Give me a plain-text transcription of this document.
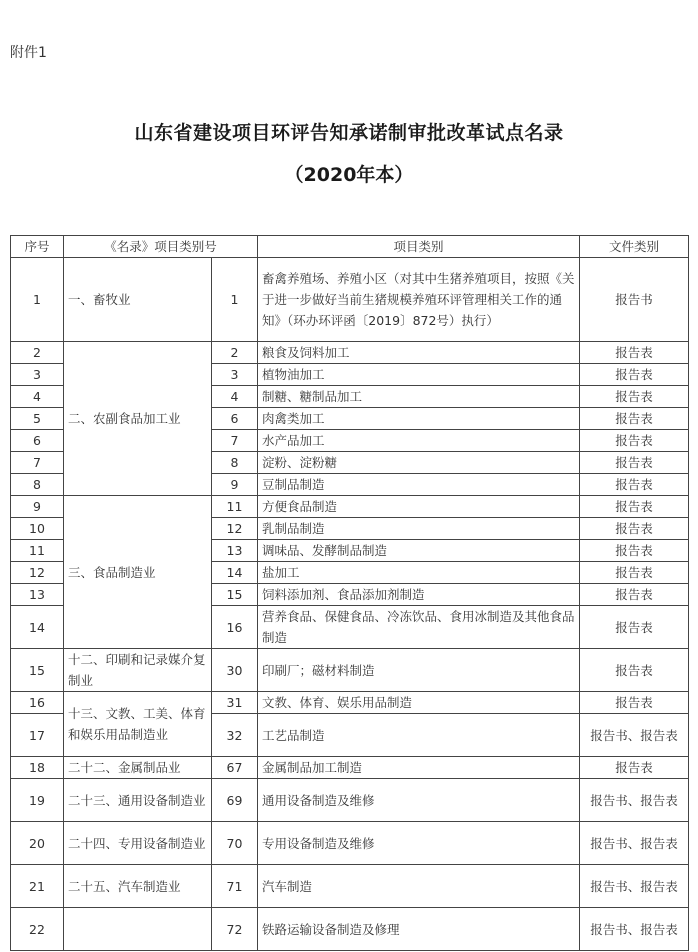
附件1
山东省建设项目环评告知承诺制审批改革试点名录
（2020年本）
序号	《名录》项目类别号		项目类别	文件类别
1	一、畜牧业	1	畜禽养殖场、养殖小区（对其中生猪养殖项目，按照《关于进一步做好当前生猪规模养殖环评管理相关工作的通知》（环办环评函〔2019〕872号）执行）	报告书
2	二、农副食品加工业	2	粮食及饲料加工	报告表
3		3	植物油加工	报告表
4		4	制糖、糖制品加工	报告表
5		6	肉禽类加工	报告表
6		7	水产品加工	报告表
7		8	淀粉、淀粉糖	报告表
8		9	豆制品制造	报告表
9	三、食品制造业	11	方便食品制造	报告表
10		12	乳制品制造	报告表
11		13	调味品、发酵制品制造	报告表
12		14	盐加工	报告表
13		15	饲料添加剂、食品添加剂制造	报告表
14		16	营养食品、保健食品、冷冻饮品、食用冰制造及其他食品制造	报告表
15	十二、印刷和记录媒介复制业	30	印刷厂；磁材料制造	报告表
16	十三、文教、工美、体育和娱乐用品制造业	31	文教、体育、娱乐用品制造	报告表
17		32	工艺品制造	报告书、报告表
18	二十二、金属制品业	67	金属制品加工制造	报告表
19	二十三、通用设备制造业	69	通用设备制造及维修	报告书、报告表
20	二十四、专用设备制造业	70	专用设备制造及维修	报告书、报告表
21	二十五、汽车制造业	71	汽车制造	报告书、报告表
22		72	铁路运输设备制造及修理	报告书、报告表
